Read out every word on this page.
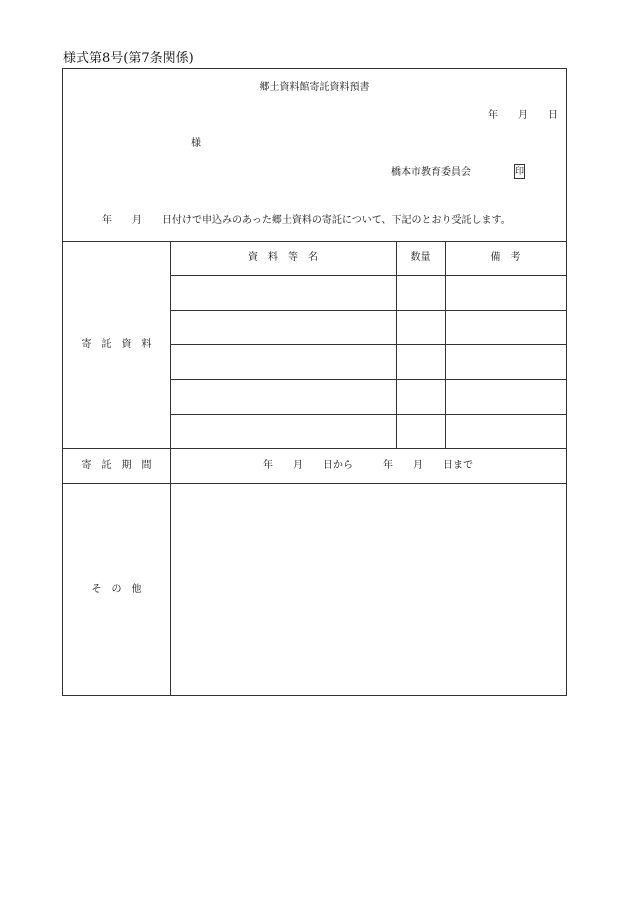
様式第8号(第7条関係)
郷土資料館寄託資料預書
年　　月　　日
様
橋本市教育委員会	印
年　　月　　日付けで申込みのあった郷土資料の寄託について、下記のとおり受託します。
資　料　等　名	数量	備　考
寄　託　資　料
寄　託　期　間	年　　月　　日から　　　年　　月　　日まで
そ　の　他
